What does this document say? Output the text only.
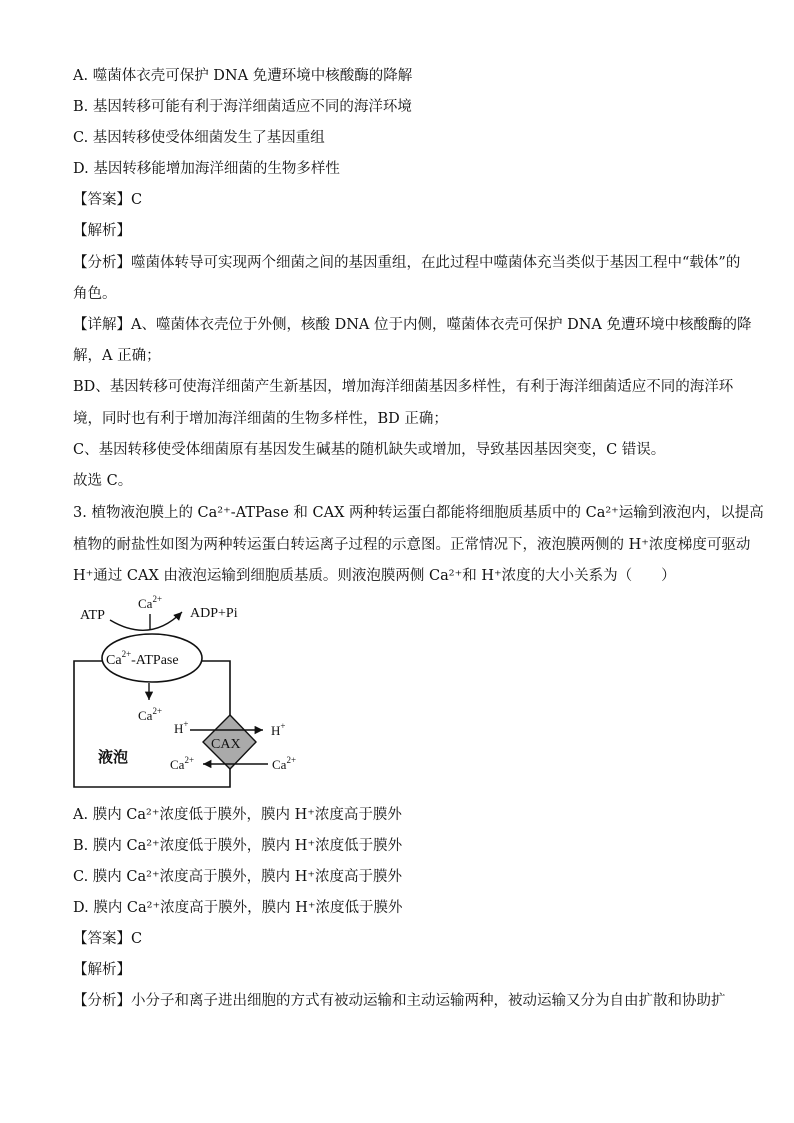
A. 噬菌体衣壳可保护 DNA 免遭环境中核酸酶的降解
B. 基因转移可能有利于海洋细菌适应不同的海洋环境
C. 基因转移使受体细菌发生了基因重组
D. 基因转移能增加海洋细菌的生物多样性
【答案】C
【解析】
【分析】噬菌体转导可实现两个细菌之间的基因重组，在此过程中噬菌体充当类似于基因工程中“载体”的
角色。
【详解】A、噬菌体衣壳位于外侧，核酸 DNA 位于内侧，噬菌体衣壳可保护 DNA 免遭环境中核酸酶的降
解，A 正确；
BD、基因转移可使海洋细菌产生新基因，增加海洋细菌基因多样性，有利于海洋细菌适应不同的海洋环
境，同时也有利于增加海洋细菌的生物多样性，BD 正确；
C、基因转移使受体细菌原有基因发生碱基的随机缺失或增加，导致基因基因突变，C 错误。
故选 C。
3. 植物液泡膜上的 Ca²⁺-ATPase 和 CAX 两种转运蛋白都能将细胞质基质中的 Ca²⁺运输到液泡内，以提高
植物的耐盐性如图为两种转运蛋白转运离子过程的示意图。正常情况下，液泡膜两侧的 H⁺浓度梯度可驱动
H⁺通过 CAX 由液泡运输到细胞质基质。则液泡膜两侧 Ca²⁺和 H⁺浓度的大小关系为（　　）
$Ca^{2+}$-ATPase
ATP	ADP+Pi
$Ca^{2+}$
$Ca^{2+}$
CAX
H+	H+
$Ca^{2+}$	$Ca^{2+}$
液泡
A. 膜内 Ca²⁺浓度低于膜外，膜内 H⁺浓度高于膜外
B. 膜内 Ca²⁺浓度低于膜外，膜内 H⁺浓度低于膜外
C. 膜内 Ca²⁺浓度高于膜外，膜内 H⁺浓度高于膜外
D. 膜内 Ca²⁺浓度高于膜外，膜内 H⁺浓度低于膜外
【答案】C
【解析】
【分析】小分子和离子进出细胞的方式有被动运输和主动运输两种，被动运输又分为自由扩散和协助扩
